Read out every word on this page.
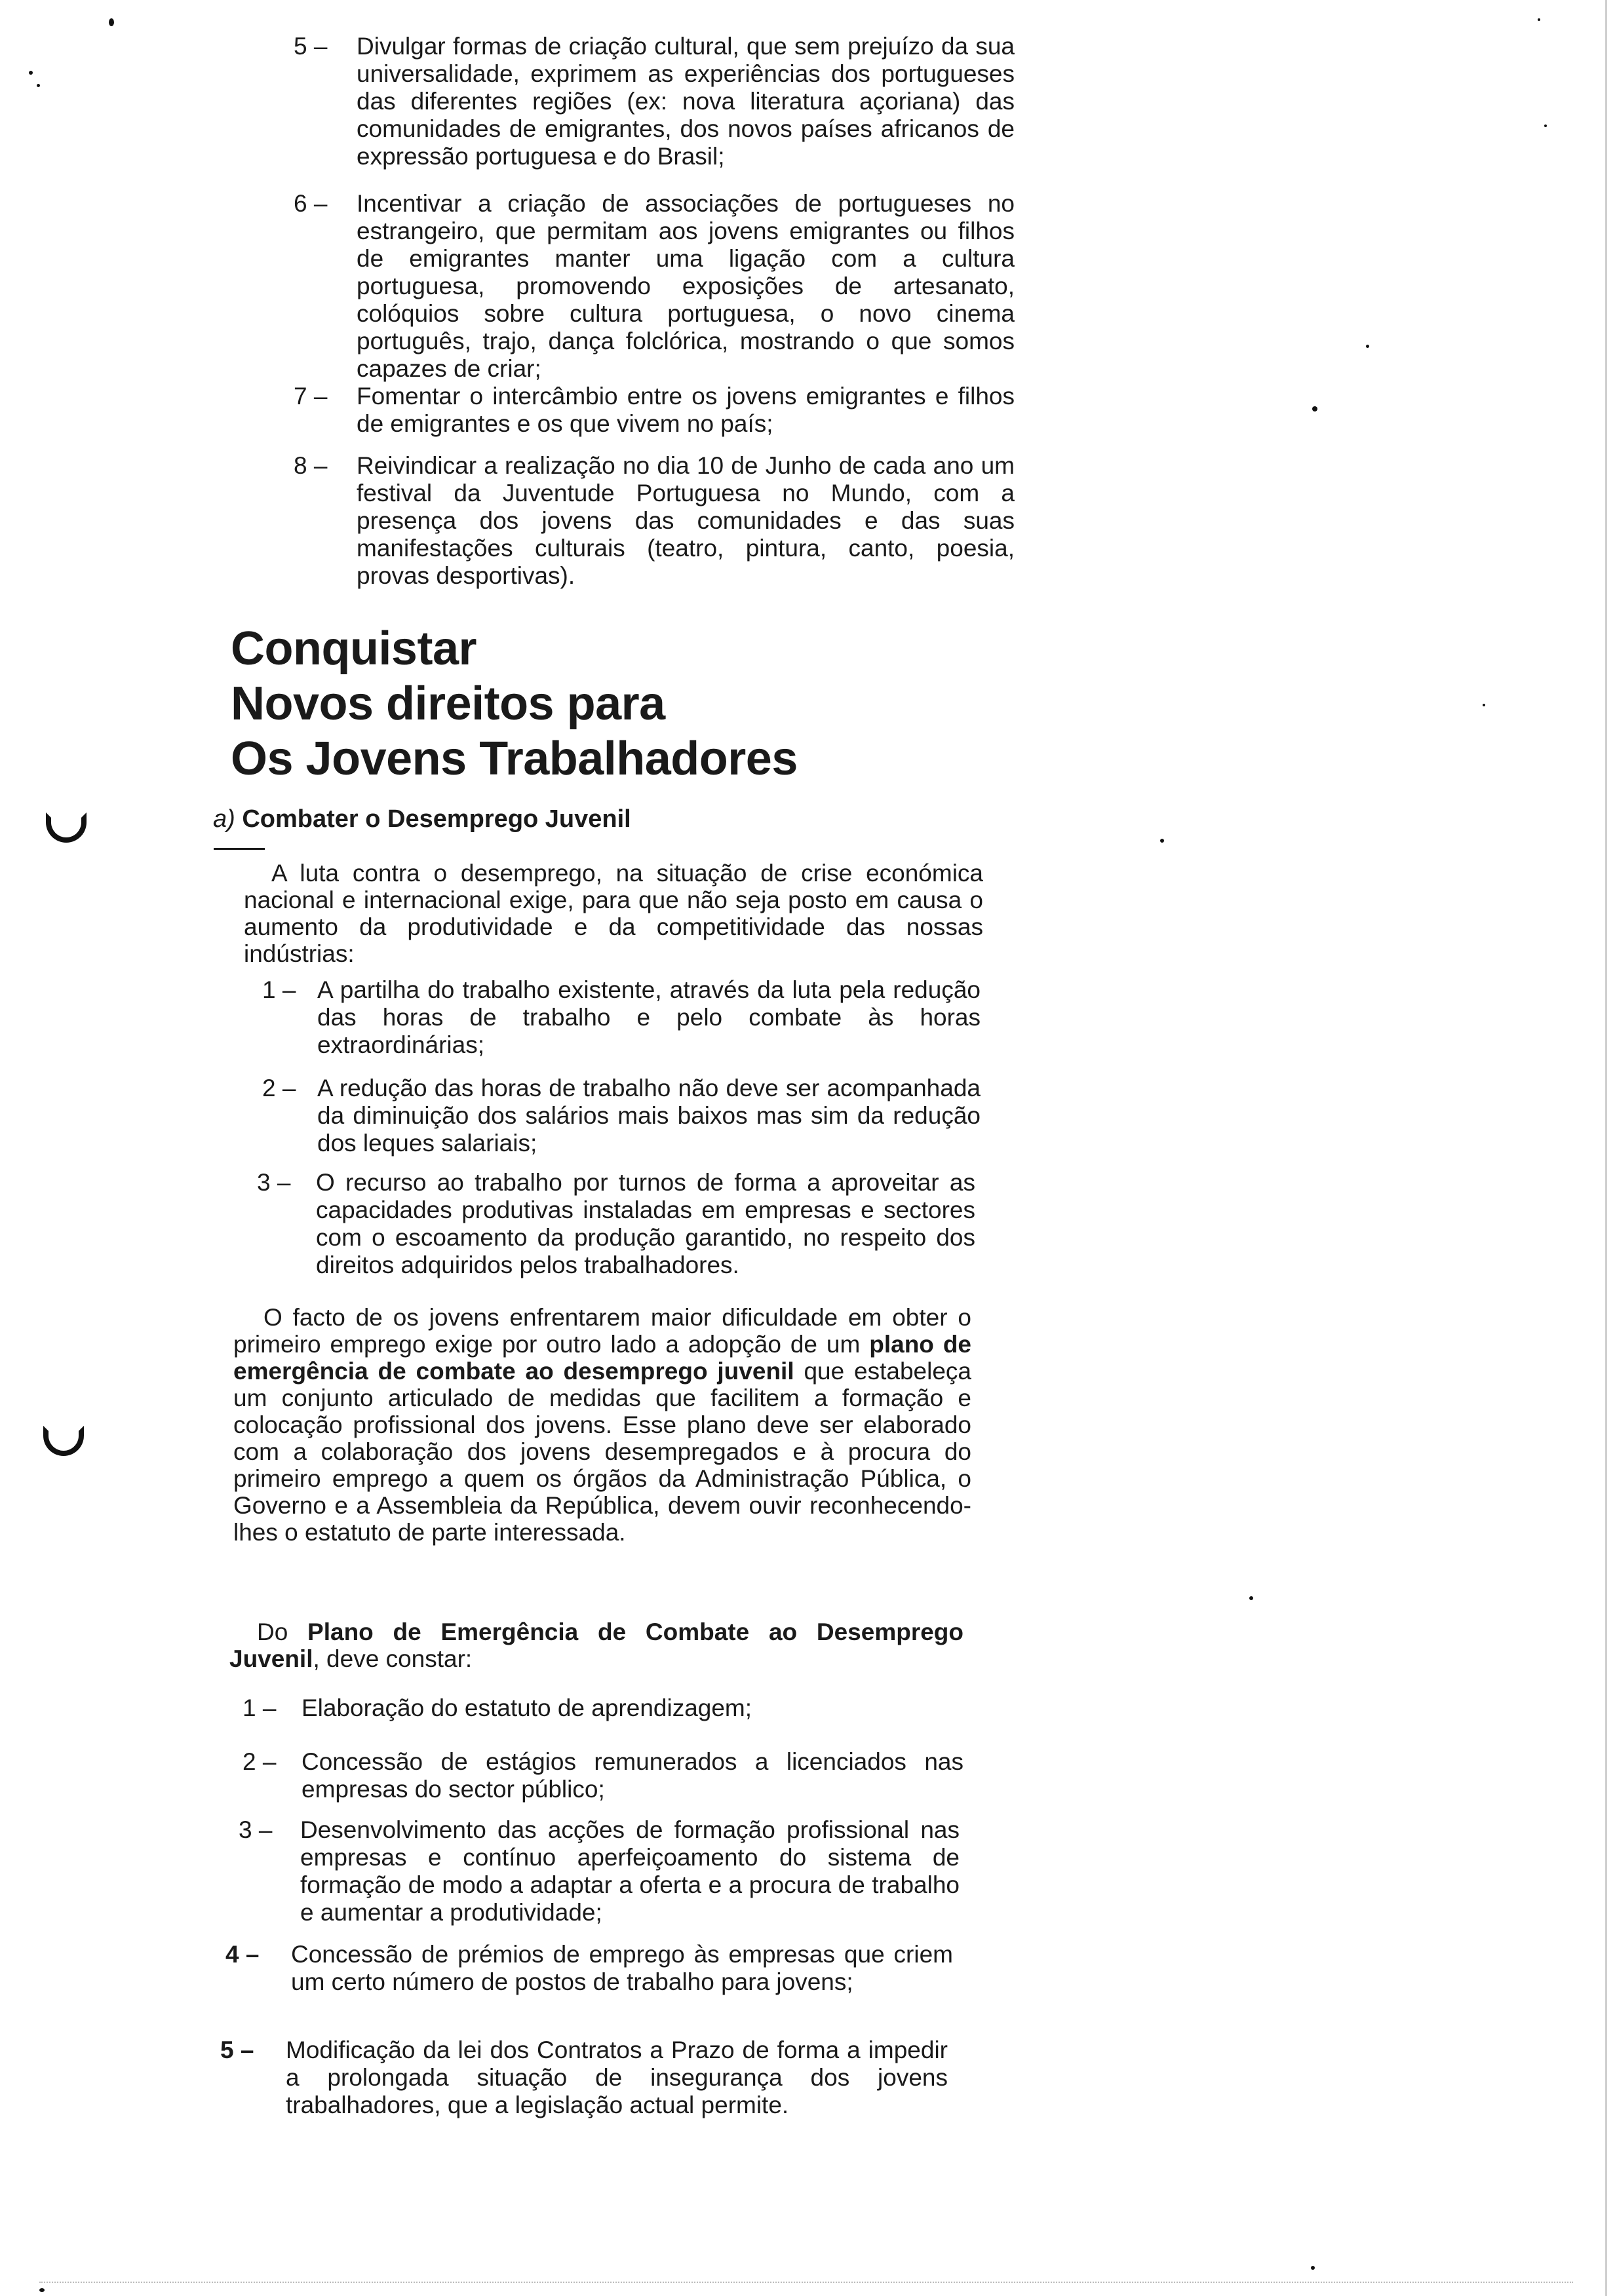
5 – Divulgar formas de criação cultural, que sem prejuízo da sua universalidade, exprimem as experiências dos portugueses das diferentes regiões (ex: nova literatura açoriana) das comunidades de emigrantes, dos novos países africanos de expressão portuguesa e do Brasil;
6 – Incentivar a criação de associações de portugueses no estrangeiro, que permitam aos jovens emigrantes ou filhos de emigrantes manter uma ligação com a cultura portuguesa, promovendo exposições de artesanato, colóquios sobre cultura portuguesa, o novo cinema português, trajo, dança folclórica, mostrando o que somos capazes de criar;
7 – Fomentar o intercâmbio entre os jovens emigrantes e filhos de emigrantes e os que vivem no país;
8 – Reivindicar a realização no dia 10 de Junho de cada ano um festival da Juventude Portuguesa no Mundo, com a presença dos jovens das comunidades e das suas manifestações culturais (teatro, pintura, canto, poesia, provas desportivas).
Conquistar
Novos direitos para
Os Jovens Trabalhadores
a) Combater o Desemprego Juvenil
A luta contra o desemprego, na situação de crise económica nacional e internacional exige, para que não seja posto em causa o aumento da produtividade e da competitividade das nossas indústrias:
1 – A partilha do trabalho existente, através da luta pela redução das horas de trabalho e pelo combate às horas extraordinárias;
2 – A redução das horas de trabalho não deve ser acompanhada da diminuição dos salários mais baixos mas sim da redução dos leques salariais;
3 – O recurso ao trabalho por turnos de forma a aproveitar as capacidades produtivas instaladas em empresas e sectores com o escoamento da produção garantido, no respeito dos direitos adquiridos pelos trabalhadores.
O facto de os jovens enfrentarem maior dificuldade em obter o primeiro emprego exige por outro lado a adopção de um plano de emergência de combate ao desemprego juvenil que estabeleça um conjunto articulado de medidas que facilitem a formação e colocação profissional dos jovens. Esse plano deve ser elaborado com a colaboração dos jovens desempregados e à procura do primeiro emprego a quem os órgãos da Administração Pública, o Governo e a Assembleia da República, devem ouvir reconhecendo-lhes o estatuto de parte interessada.
Do Plano de Emergência de Combate ao Desemprego Juvenil, deve constar:
1 – Elaboração do estatuto de aprendizagem;
2 – Concessão de estágios remunerados a licenciados nas empresas do sector público;
3 – Desenvolvimento das acções de formação profissional nas empresas e contínuo aperfeiçoamento do sistema de formação de modo a adaptar a oferta e a procura de trabalho e aumentar a produtividade;
4 – Concessão de prémios de emprego às empresas que criem um certo número de postos de trabalho para jovens;
5 – Modificação da lei dos Contratos a Prazo de forma a impedir a prolongada situação de insegurança dos jovens trabalhadores, que a legislação actual permite.
